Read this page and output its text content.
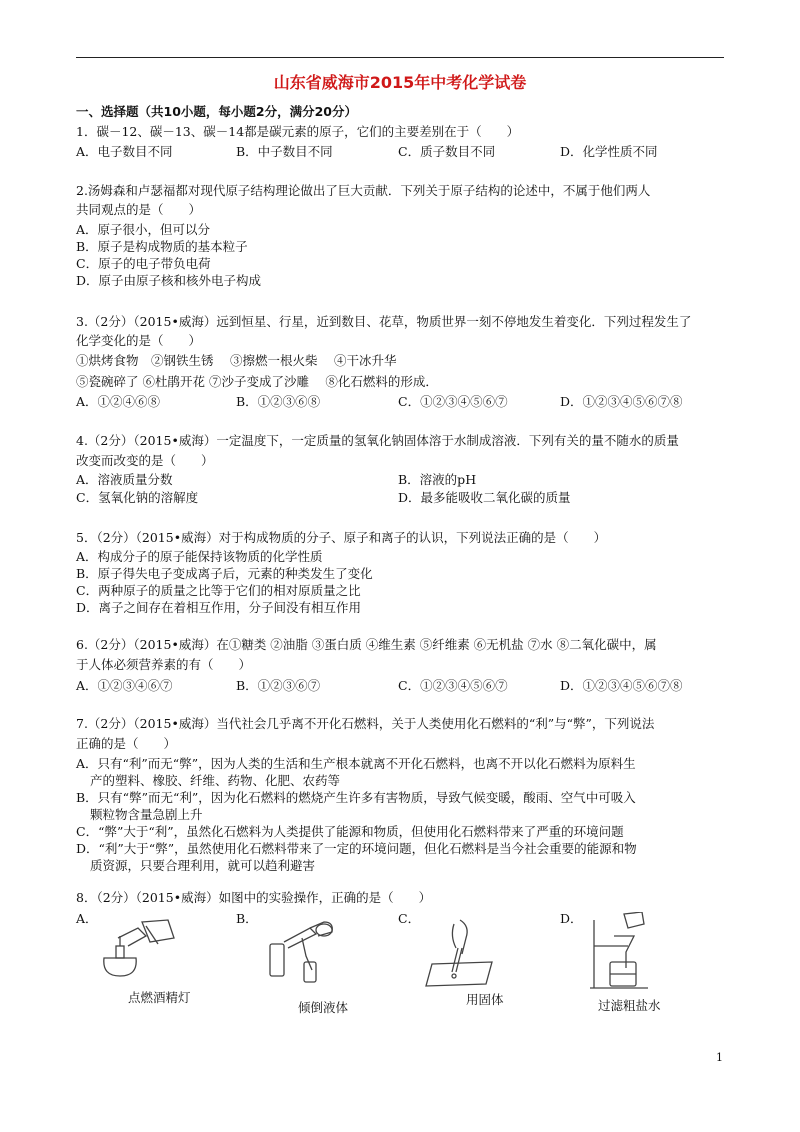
山东省威海市2015年中考化学试卷
一、选择题（共10小题，每小题2分，满分20分）
1．碳－12、碳－13、碳－14都是碳元素的原子，它们的主要差别在于（　　）
A．电子数目不同	B．中子数目不同	C．质子数目不同	D．化学性质不同
2.汤姆森和卢瑟福都对现代原子结构理论做出了巨大贡献．下列关于原子结构的论述中，不属于他们两人
共同观点的是（　　）
A．原子很小，但可以分
B．原子是构成物质的基本粒子
C．原子的电子带负电荷
D．原子由原子核和核外电子构成
3.（2分）（2015•威海）远到恒星、行星，近到数目、花草，物质世界一刻不停地发生着变化．下列过程发生了
化学变化的是（　　）
①烘烤食物　②钢铁生锈　 ③擦燃一根火柴　 ④干冰升华
⑤瓷碗碎了 ⑥杜鹃开花 ⑦沙子变成了沙雕　 ⑧化石燃料的形成．
A．①②④⑥⑧	B．①②③⑥⑧	C．①②③④⑤⑥⑦	D．①②③④⑤⑥⑦⑧
4.（2分）（2015•威海）一定温度下，一定质量的氢氧化钠固体溶于水制成溶液．下列有关的量不随水的质量
改变而改变的是（　　）
A．溶液质量分数	B．溶液的pH
C．氢氧化钠的溶解度	D．最多能吸收二氧化碳的质量
5．（2分）（2015•威海）对于构成物质的分子、原子和离子的认识，下列说法正确的是（　　）
A．构成分子的原子能保持该物质的化学性质
B．原子得失电子变成离子后，元素的种类发生了变化
C．两种原子的质量之比等于它们的相对原质量之比
D．离子之间存在着相互作用，分子间没有相互作用
6.（2分）（2015•威海）在①糖类 ②油脂 ③蛋白质 ④维生素 ⑤纤维素 ⑥无机盐 ⑦水 ⑧二氧化碳中，属
于人体必须营养素的有（　　）
A．①②③④⑥⑦	B．①②③⑥⑦	C．①②③④⑤⑥⑦	D．①②③④⑤⑥⑦⑧
7.（2分）（2015•威海）当代社会几乎离不开化石燃料，关于人类使用化石燃料的“利”与“弊”，下列说法
正确的是（　　）
A．只有“利”而无“弊”，因为人类的生活和生产根本就离不开化石燃料，也离不开以化石燃料为原料生
产的塑料、橡胶、纤维、药物、化肥、农药等
B．只有“弊”而无“利”，因为化石燃料的燃烧产生许多有害物质，导致气候变暖，酸雨、空气中可吸入
颗粒物含量急剧上升
C．“弊”大于“利”，虽然化石燃料为人类提供了能源和物质，但使用化石燃料带来了严重的环境问题
D．“利”大于“弊”，虽然使用化石燃料带来了一定的环境问题，但化石燃料是当今社会重要的能源和物
质资源，只要合理利用，就可以趋利避害
8．（2分）（2015•威海）如图中的实验操作，正确的是（　　）
A．	B．	C．	D．
点燃酒精灯
倾倒液体
用固体	过滤粗盐水
1
